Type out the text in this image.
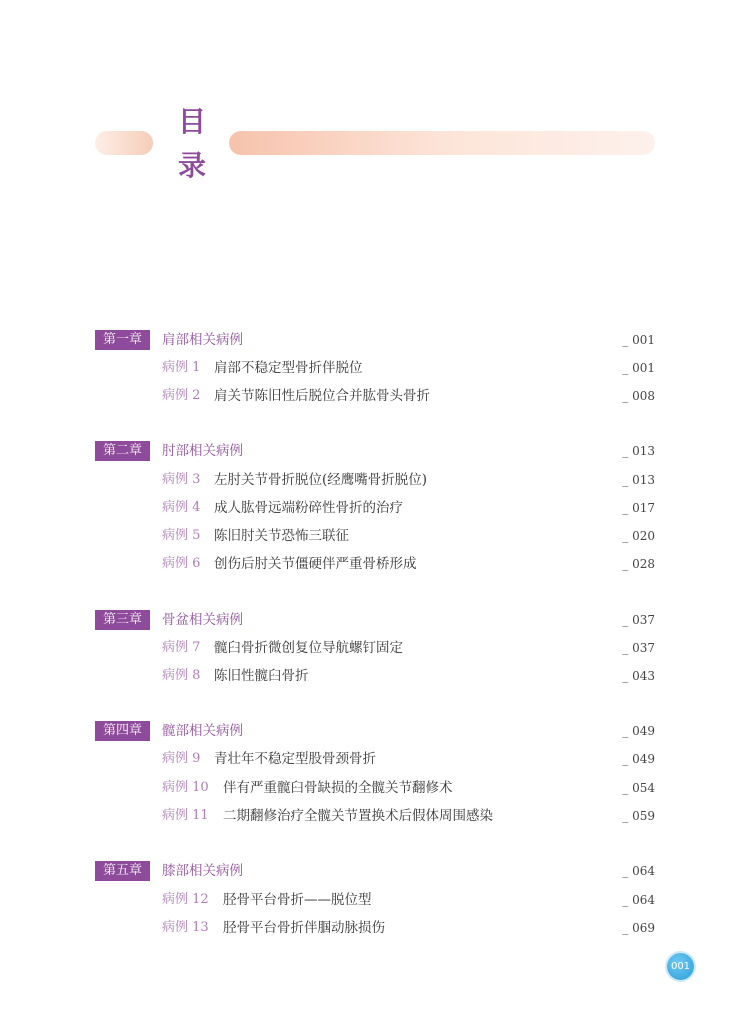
目
录
第一章	肩部相关病例	_ 001
病例 1 肩部不稳定型骨折伴脱位	_ 001
病例 2 肩关节陈旧性后脱位合并肱骨头骨折	_ 008
第二章	肘部相关病例	_ 013
病例 3 左肘关节骨折脱位(经鹰嘴骨折脱位)	_ 013
病例 4 成人肱骨远端粉碎性骨折的治疗	_ 017
病例 5 陈旧肘关节恐怖三联征	_ 020
病例 6 创伤后肘关节僵硬伴严重骨桥形成	_ 028
第三章	骨盆相关病例	_ 037
病例 7 髋臼骨折微创复位导航螺钉固定	_ 037
病例 8 陈旧性髋臼骨折	_ 043
第四章	髋部相关病例	_ 049
病例 9 青壮年不稳定型股骨颈骨折	_ 049
病例 10 伴有严重髋臼骨缺损的全髋关节翻修术	_ 054
病例 11 二期翻修治疗全髋关节置换术后假体周围感染	_ 059
第五章	膝部相关病例	_ 064
病例 12 胫骨平台骨折——脱位型	_ 064
病例 13 胫骨平台骨折伴腘动脉损伤	_ 069
001
